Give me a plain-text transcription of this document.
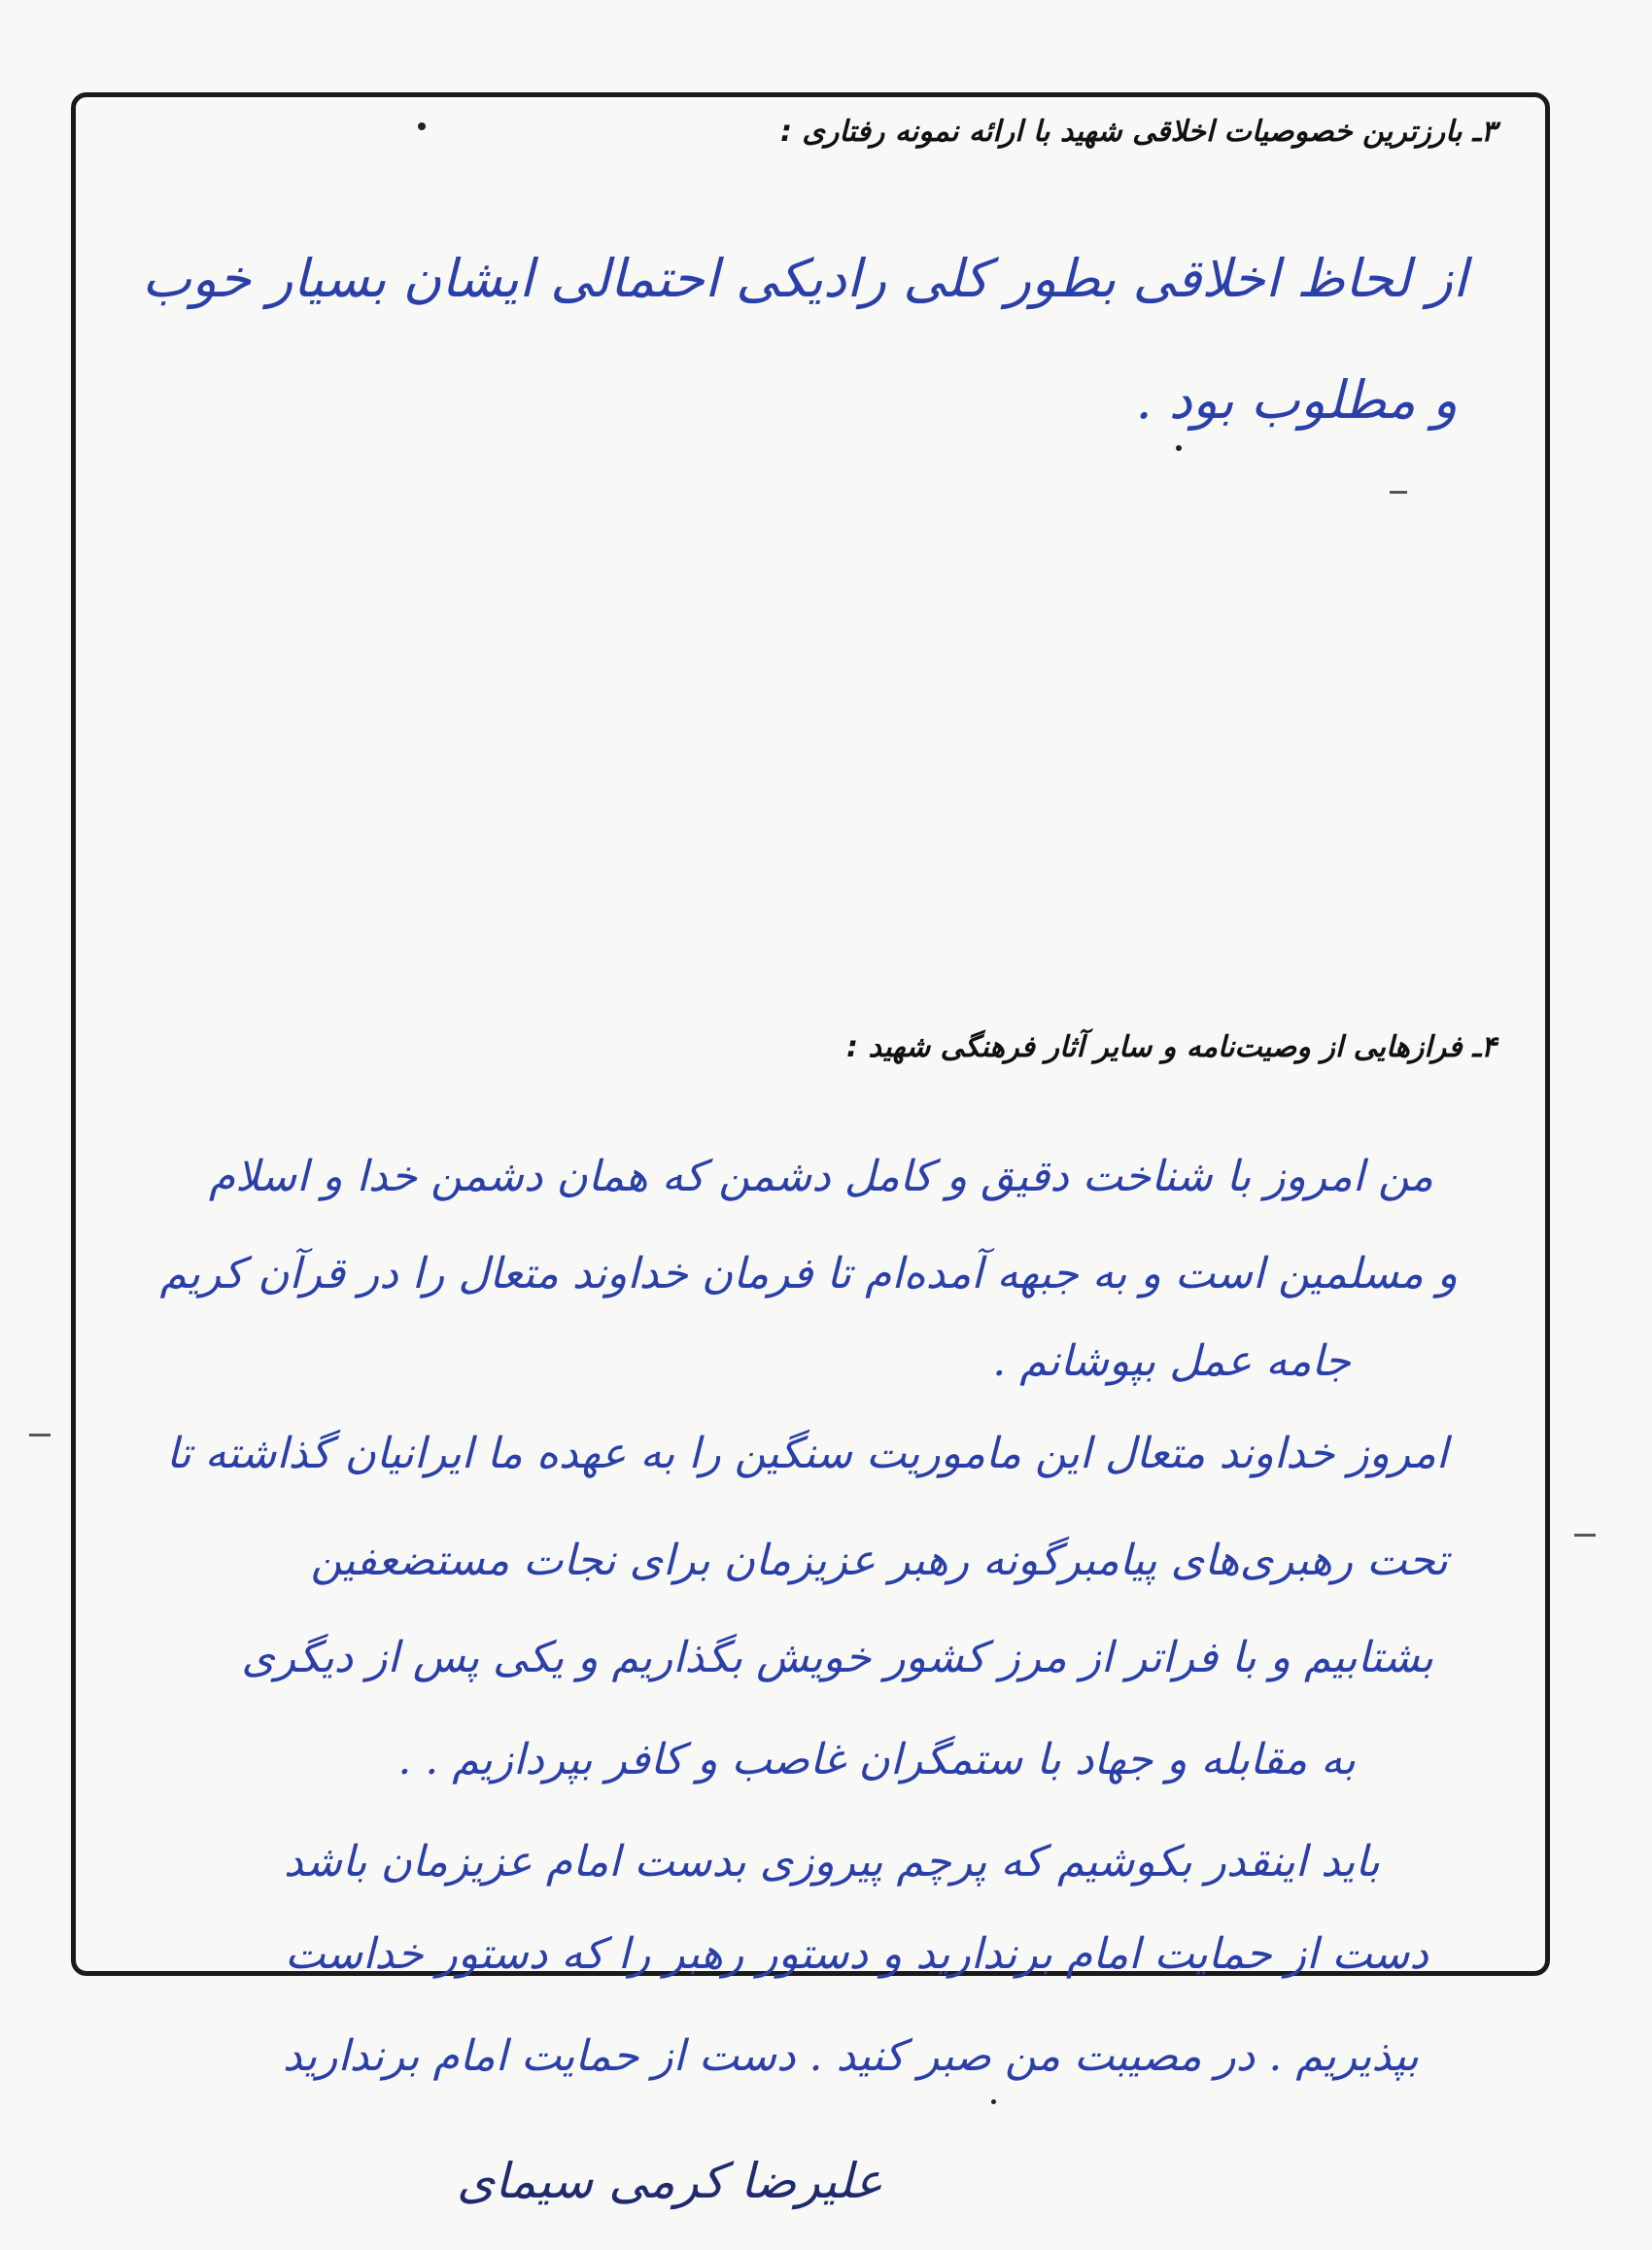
۳ـ بارزترین خصوصیات اخلاقی شهید با ارائه نمونه رفتاری :
از لحاظ اخلاقی بطور کلی رادیکی احتمالی ایشان بسیار خوب
و مطلوب بود .
۴ـ فرازهایی از وصیت‌نامه و سایر آثار فرهنگی شهید :
من امروز با شناخت دقیق و کامل دشمن که همان دشمن خدا و اسلام
و مسلمین است و به جبهه آمده‌ام تا فرمان خداوند متعال را در قرآن کریم
جامه عمل بپوشانم .
امروز خداوند متعال این ماموریت سنگین را به عهده ما ایرانیان گذاشته تا
تحت رهبری‌های پیامبرگونه رهبر عزیزمان برای نجات مستضعفین
بشتابیم و با فراتر از مرز کشور خویش بگذاریم و یکی پس از دیگری
به مقابله و جهاد با ستمگران غاصب و کافر بپردازیم . .
باید اینقدر بکوشیم که پرچم پیروزی بدست امام عزیزمان باشد
دست از حمایت امام برندارید و دستور رهبر را که دستور خداست
بپذیریم . در مصیبت من صبر کنید . دست از حمایت امام برندارید
علیرضا کرمی سیمای
